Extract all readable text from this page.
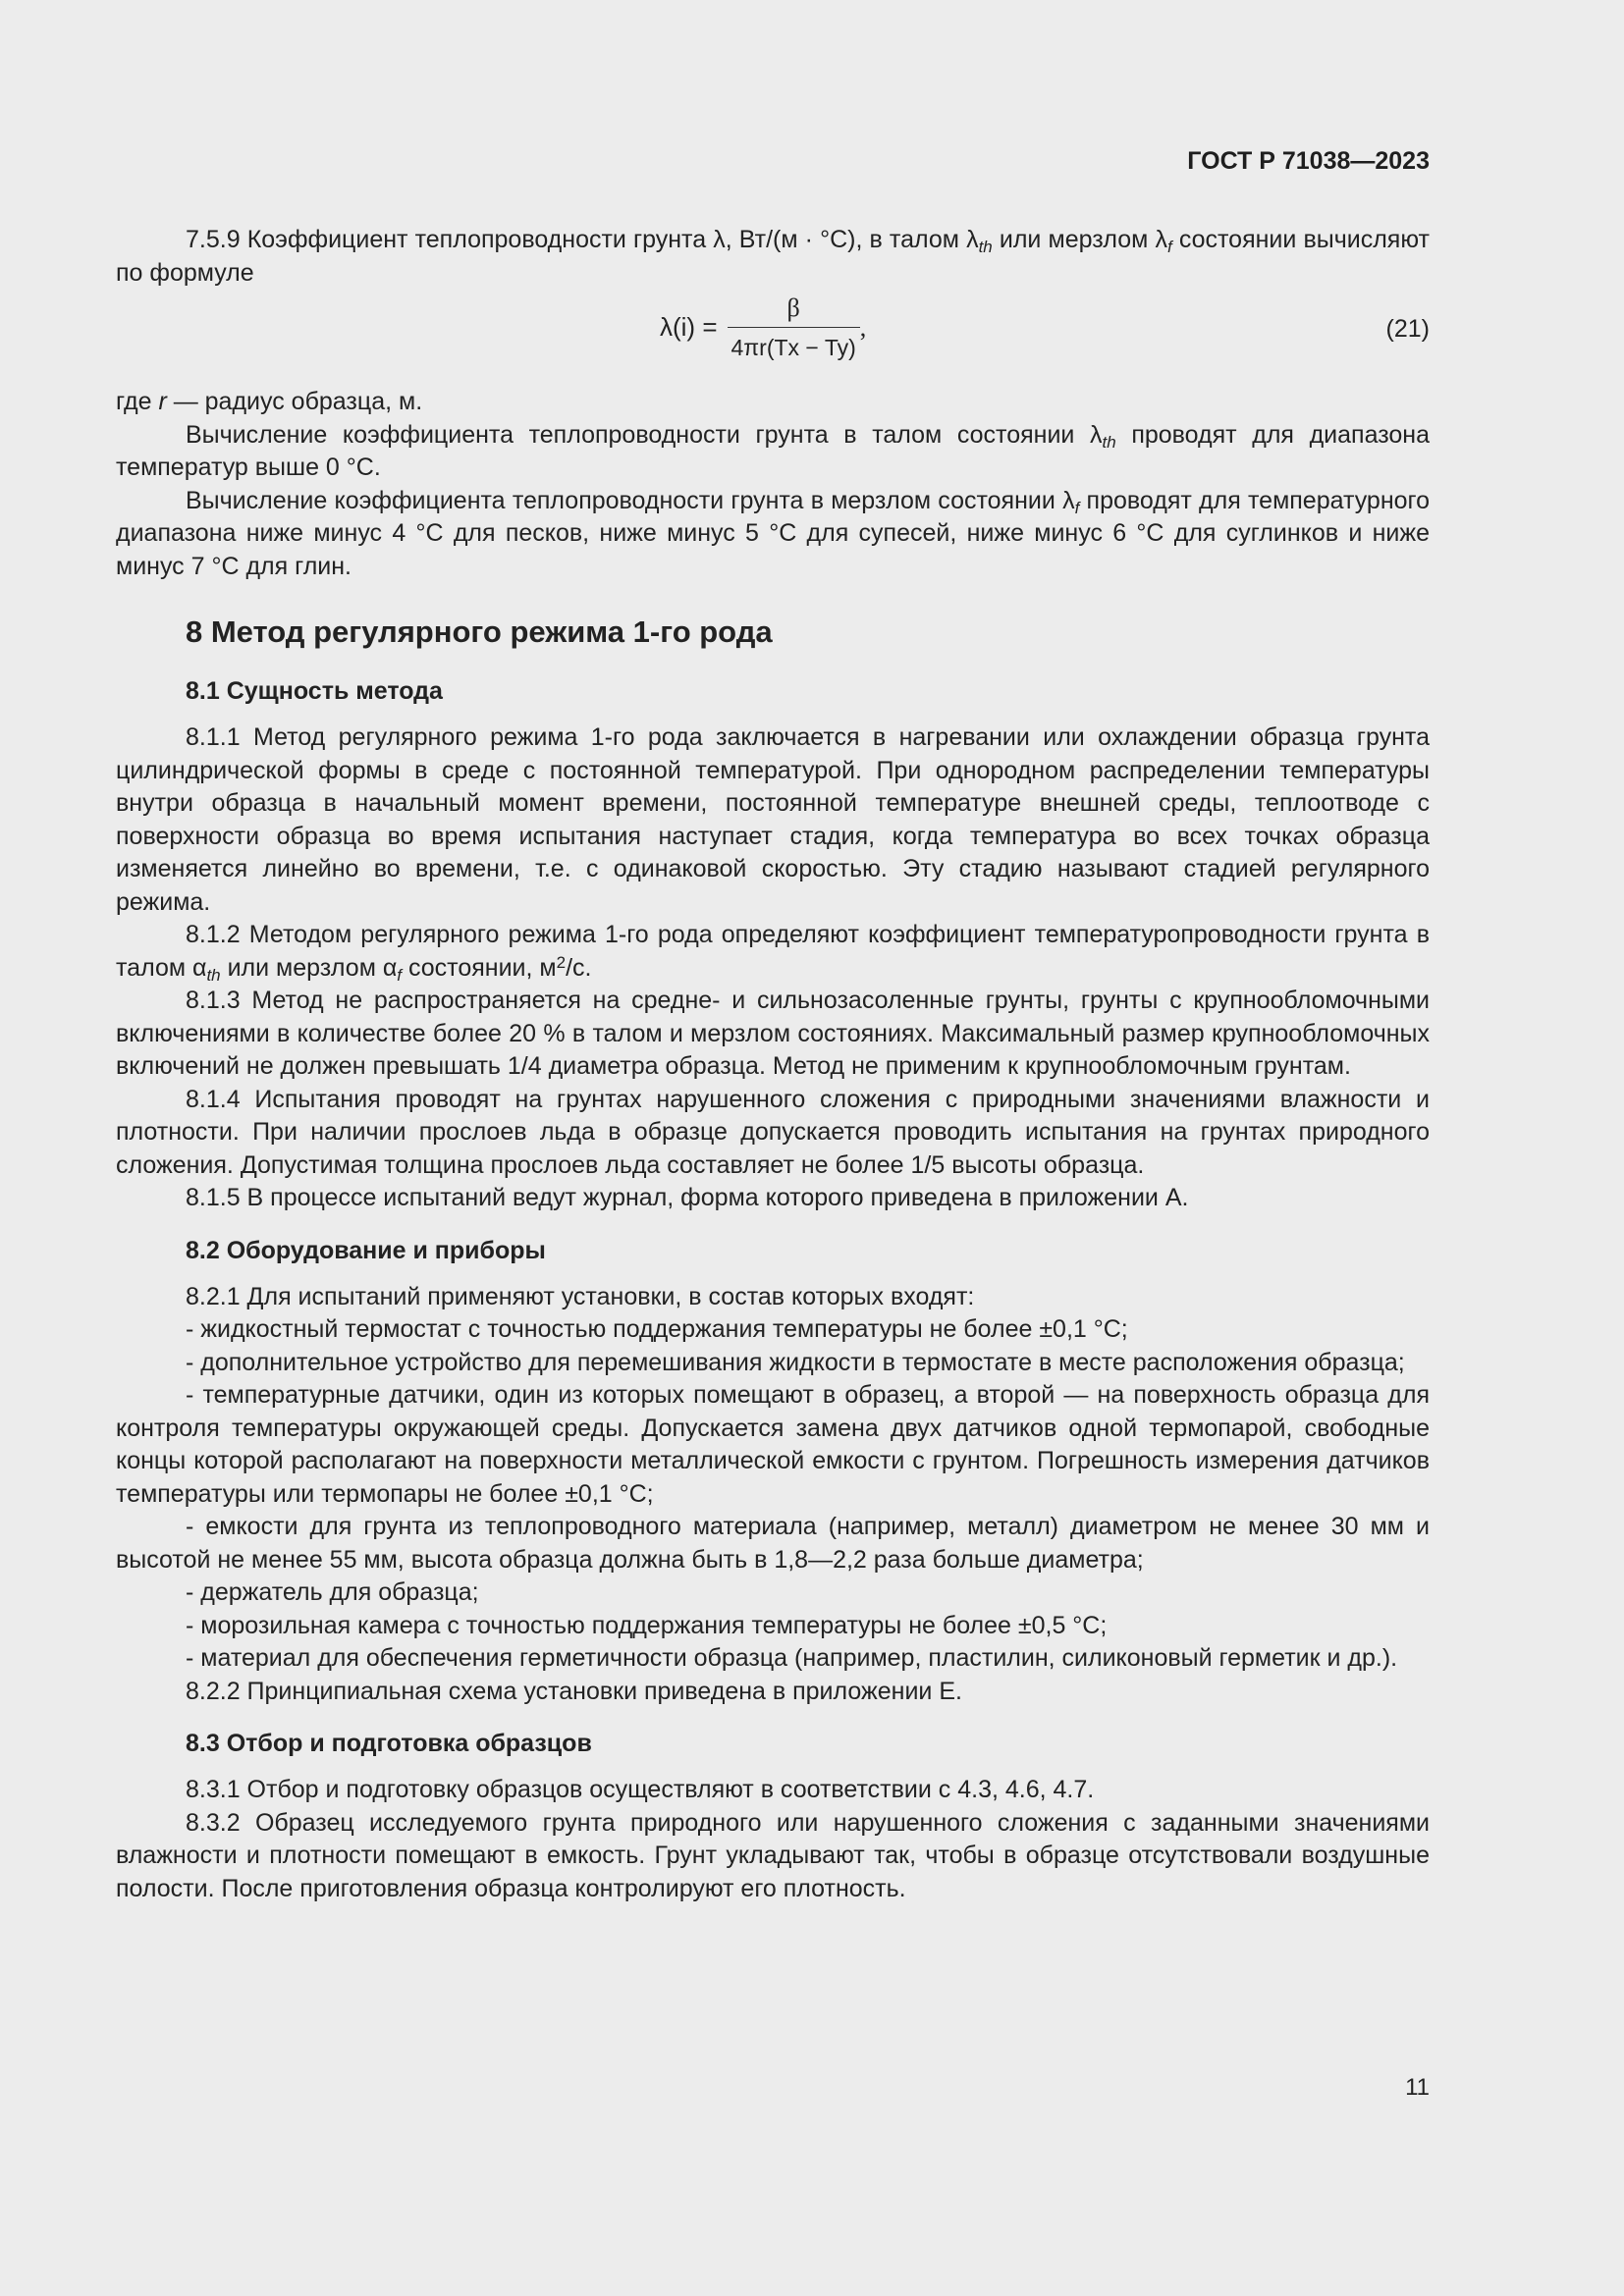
ГОСТ Р 71038—2023

7.5.9 Коэффициент теплопроводности грунта λ, Вт/(м · °С), в талом $\lambda_{th}$ или мерзлом $\lambda_f$ состоянии вычисляют по формуле

$\lambda(i) = \frac{\beta}{4\pi r(Tx - Ty)}$ ,	(21)

где r — радиус образца, м.

Вычисление коэффициента теплопроводности грунта в талом состоянии $\lambda_{th}$ проводят для диапазона температур выше 0 °С.

Вычисление коэффициента теплопроводности грунта в мерзлом состоянии $\lambda_f$ проводят для температурного диапазона ниже минус 4 °С для песков, ниже минус 5 °С для супесей, ниже минус 6 °С для суглинков и ниже минус 7 °С для глин.

8 Метод регулярного режима 1-го рода
8.1 Сущность метода

8.1.1 Метод регулярного режима 1-го рода заключается в нагревании или охлаждении образца грунта цилиндрической формы в среде с постоянной температурой. При однородном распределении температуры внутри образца в начальный момент времени, постоянной температуре внешней среды, теплоотводе с поверхности образца во время испытания наступает стадия, когда температура во всех точках образца изменяется линейно во времени, т.е. с одинаковой скоростью. Эту стадию называют стадией регулярного режима.

8.1.2 Методом регулярного режима 1-го рода определяют коэффициент температуропроводности грунта в талом $\alpha_{th}$ или мерзлом $\alpha_f$ состоянии, $м^2/с$.

8.1.3 Метод не распространяется на средне- и сильнозасоленные грунты, грунты с крупнообломочными включениями в количестве более 20 % в талом и мерзлом состояниях. Максимальный размер крупнообломочных включений не должен превышать 1/4 диаметра образца. Метод не применим к крупнообломочным грунтам.

8.1.4 Испытания проводят на грунтах нарушенного сложения с природными значениями влажности и плотности. При наличии прослоев льда в образце допускается проводить испытания на грунтах природного сложения. Допустимая толщина прослоев льда составляет не более 1/5 высоты образца.

8.1.5 В процессе испытаний ведут журнал, форма которого приведена в приложении А.

8.2 Оборудование и приборы

8.2.1 Для испытаний применяют установки, в состав которых входят:

- жидкостный термостат с точностью поддержания температуры не более ±0,1 °С;

- дополнительное устройство для перемешивания жидкости в термостате в месте расположения образца;

- температурные датчики, один из которых помещают в образец, а второй — на поверхность образца для контроля температуры окружающей среды. Допускается замена двух датчиков одной термопарой, свободные концы которой располагают на поверхности металлической емкости с грунтом. Погрешность измерения датчиков температуры или термопары не более ±0,1 °С;

- емкости для грунта из теплопроводного материала (например, металл) диаметром не менее 30 мм и высотой не менее 55 мм, высота образца должна быть в 1,8—2,2 раза больше диаметра;

- держатель для образца;

- морозильная камера с точностью поддержания температуры не более ±0,5 °С;

- материал для обеспечения герметичности образца (например, пластилин, силиконовый герметик и др.).

8.2.2 Принципиальная схема установки приведена в приложении Е.

8.3 Отбор и подготовка образцов

8.3.1 Отбор и подготовку образцов осуществляют в соответствии с 4.3, 4.6, 4.7.

8.3.2 Образец исследуемого грунта природного или нарушенного сложения с заданными значениями влажности и плотности помещают в емкость. Грунт укладывают так, чтобы в образце отсутствовали воздушные полости. После приготовления образца контролируют его плотность.

11
